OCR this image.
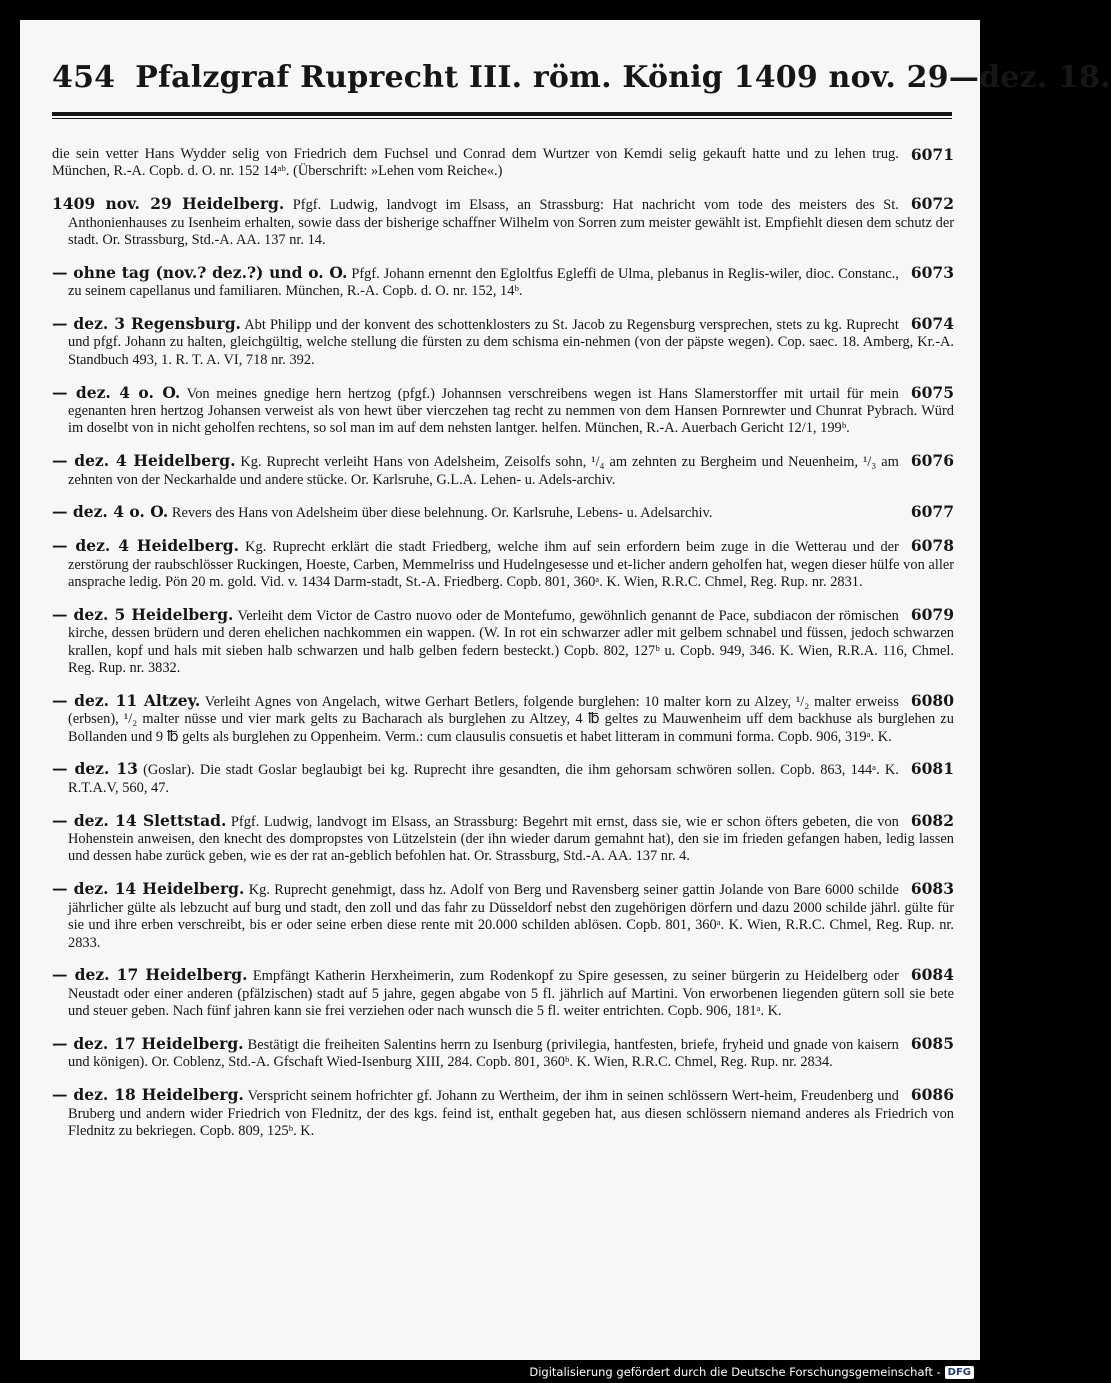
454 Pfalzgraf Ruprecht III. röm. König 1409 nov. 29—dez. 18.

6071
die sein vetter Hans Wydder selig von Friedrich dem Fuchsel und Conrad dem Wurtzer von Kemdi selig gekauft hatte und zu lehen trug. München, R.-A. Copb. d. O. nr. 152 14ᵃᵇ. (Überschrift: »Lehen vom Reiche«.)

6072
1409 nov. 29 Heidelberg. Pfgf. Ludwig, landvogt im Elsass, an Strassburg: Hat nachricht vom tode des meisters des St. Anthonienhauses zu Isenheim erhalten, sowie dass der bisherige schaffner Wilhelm von Sorren zum meister gewählt ist. Empfiehlt diesen dem schutz der stadt. Or. Strassburg, Std.-A. AA. 137 nr. 14.

6073
— ohne tag (nov.? dez.?) und o. O. Pfgf. Johann ernennt den Egloltfus Egleffi de Ulma, plebanus in Reglis-wiler, dioc. Constanc., zu seinem capellanus und familiaren. München, R.-A. Copb. d. O. nr. 152, 14ᵇ.

6074
— dez. 3 Regensburg. Abt Philipp und der konvent des schottenklosters zu St. Jacob zu Regensburg versprechen, stets zu kg. Ruprecht und pfgf. Johann zu halten, gleichgültig, welche stellung die fürsten zu dem schisma ein-nehmen (von der päpste wegen). Cop. saec. 18. Amberg, Kr.-A. Standbuch 493, 1. R. T. A. VI, 718 nr. 392.

6075
— dez. 4 o. O. Von meines gnedige hern hertzog (pfgf.) Johannsen verschreibens wegen ist Hans Slamerstorffer mit urtail für mein egenanten hren hertzog Johansen verweist als von hewt über vierczehen tag recht zu nemmen von dem Hansen Pornrewter und Chunrat Pybrach. Würd im doselbt von in nicht geholfen rechtens, so sol man im auf dem nehsten lantger. helfen. München, R.-A. Auerbach Gericht 12/1, 199ᵇ.

6076
— dez. 4 Heidelberg. Kg. Ruprecht verleiht Hans von Adelsheim, Zeisolfs sohn, ¹/₄ am zehnten zu Bergheim und Neuenheim, ¹/₃ am zehnten von der Neckarhalde und andere stücke. Or. Karlsruhe, G.L.A. Lehen- u. Adels-archiv.

6077
— dez. 4 o. O. Revers des Hans von Adelsheim über diese belehnung. Or. Karlsruhe, Lebens- u. Adelsarchiv.

6078
— dez. 4 Heidelberg. Kg. Ruprecht erklärt die stadt Friedberg, welche ihm auf sein erfordern beim zuge in die Wetterau und der zerstörung der raubschlösser Ruckingen, Hoeste, Carben, Memmelriss und Hudelngesesse und et-licher andern geholfen hat, wegen dieser hülfe von aller ansprache ledig. Pön 20 m. gold. Vid. v. 1434 Darm-stadt, St.-A. Friedberg. Copb. 801, 360ᵃ. K. Wien, R.R.C. Chmel, Reg. Rup. nr. 2831.

6079
— dez. 5 Heidelberg. Verleiht dem Victor de Castro nuovo oder de Montefumo, gewöhnlich genannt de Pace, subdiacon der römischen kirche, dessen brüdern und deren ehelichen nachkommen ein wappen. (W. In rot ein schwarzer adler mit gelbem schnabel und füssen, jedoch schwarzen krallen, kopf und hals mit sieben halb schwarzen und halb gelben federn besteckt.) Copb. 802, 127ᵇ u. Copb. 949, 346. K. Wien, R.R.A. 116, Chmel. Reg. Rup. nr. 3832.

6080
— dez. 11 Altzey. Verleiht Agnes von Angelach, witwe Gerhart Betlers, folgende burglehen: 10 malter korn zu Alzey, ¹/₂ malter erweiss (erbsen), ¹/₂ malter nüsse und vier mark gelts zu Bacharach als burglehen zu Altzey, 4 ℔ geltes zu Mauwenheim uff dem backhuse als burglehen zu Bollanden und 9 ℔ gelts als burglehen zu Oppenheim. Verm.: cum clausulis consuetis et habet litteram in communi forma. Copb. 906, 319ᵃ. K.

6081
— dez. 13 (Goslar). Die stadt Goslar beglaubigt bei kg. Ruprecht ihre gesandten, die ihm gehorsam schwören sollen. Copb. 863, 144ᵃ. K. R.T.A.V, 560, 47.

6082
— dez. 14 Slettstad. Pfgf. Ludwig, landvogt im Elsass, an Strassburg: Begehrt mit ernst, dass sie, wie er schon öfters gebeten, die von Hohenstein anweisen, den knecht des dompropstes von Lützelstein (der ihn wieder darum gemahnt hat), den sie im frieden gefangen haben, ledig lassen und dessen habe zurück geben, wie es der rat an-geblich befohlen hat. Or. Strassburg, Std.-A. AA. 137 nr. 4.

6083
— dez. 14 Heidelberg. Kg. Ruprecht genehmigt, dass hz. Adolf von Berg und Ravensberg seiner gattin Jolande von Bare 6000 schilde jährlicher gülte als lebzucht auf burg und stadt, den zoll und das fahr zu Düsseldorf nebst den zugehörigen dörfern und dazu 2000 schilde jährl. gülte für sie und ihre erben verschreibt, bis er oder seine erben diese rente mit 20.000 schilden ablösen. Copb. 801, 360ᵃ. K. Wien, R.R.C. Chmel, Reg. Rup. nr. 2833.

6084
— dez. 17 Heidelberg. Empfängt Katherin Herxheimerin, zum Rodenkopf zu Spire gesessen, zu seiner bürgerin zu Heidelberg oder Neustadt oder einer anderen (pfälzischen) stadt auf 5 jahre, gegen abgabe von 5 fl. jährlich auf Martini. Von erworbenen liegenden gütern soll sie bete und steuer geben. Nach fünf jahren kann sie frei verziehen oder nach wunsch die 5 fl. weiter entrichten. Copb. 906, 181ᵃ. K.

6085
— dez. 17 Heidelberg. Bestätigt die freiheiten Salentins herrn zu Isenburg (privilegia, hantfesten, briefe, fryheid und gnade von kaisern und königen). Or. Coblenz, Std.-A. Gfschaft Wied-Isenburg XIII, 284. Copb. 801, 360ᵇ. K. Wien, R.R.C. Chmel, Reg. Rup. nr. 2834.

6086
— dez. 18 Heidelberg. Verspricht seinem hofrichter gf. Johann zu Wertheim, der ihm in seinen schlössern Wert-heim, Freudenberg und Bruberg und andern wider Friedrich von Flednitz, der des kgs. feind ist, enthalt gegeben hat, aus diesen schlössern niemand anderes als Friedrich von Flednitz zu bekriegen. Copb. 809, 125ᵇ. K.

Digitalisierung gefördert durch die Deutsche Forschungsgemeinschaft - DFG
